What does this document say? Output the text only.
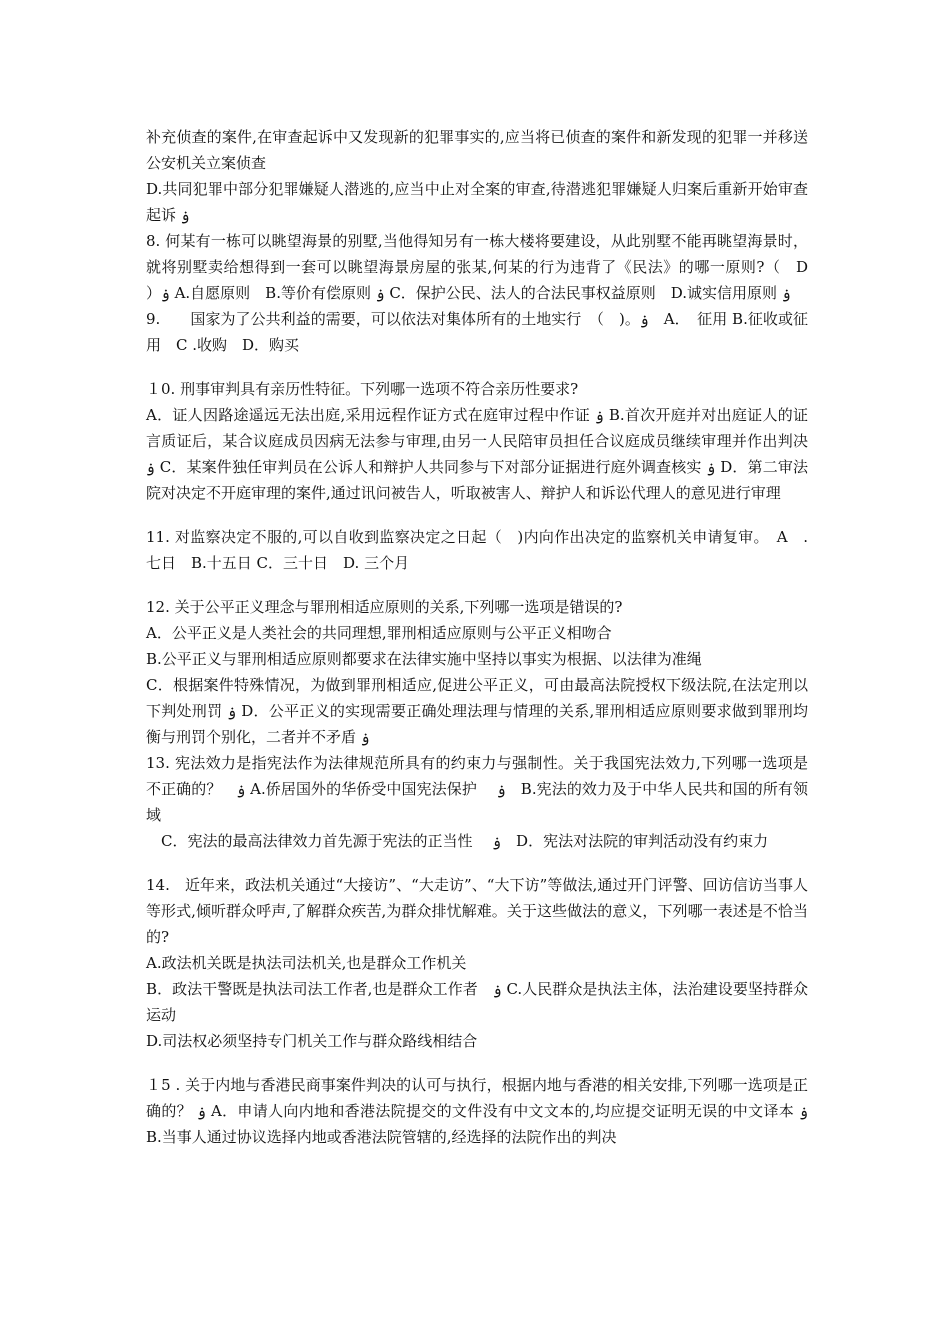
补充侦查的案件,在审查起诉中又发现新的犯罪事实的,应当将已侦查的案件和新发现的犯罪一并移送公安机关立案侦查

D.共同犯罪中部分犯罪嫌疑人潜逃的,应当中止对全案的审查,待潜逃犯罪嫌疑人归案后重新开始审查起诉 ۏ

8. 何某有一栋可以眺望海景的别墅,当他得知另有一栋大楼将要建设，从此别墅不能再眺望海景时，就将别墅卖给想得到一套可以眺望海景房屋的张某,何某的行为违背了《民法》的哪一原则?（　D　）ۏ A.自愿原则　B.等价有偿原则 ۏ C．保护公民、法人的合法民事权益原则　D.诚实信用原则 ۏ

9.　　国家为了公共利益的需要，可以依法对集体所有的土地实行　（　)。ۏ　A．　征用 B.征收或征用　C .收购　D．购买

１0. 刑事审判具有亲历性特征。下列哪一选项不符合亲历性要求?

A．证人因路途遥远无法出庭,采用远程作证方式在庭审过程中作证 ۏ B.首次开庭并对出庭证人的证言质证后，某合议庭成员因病无法参与审理,由另一人民陪审员担任合议庭成员继续审理并作出判决 ۏ C．某案件独任审判员在公诉人和辩护人共同参与下对部分证据进行庭外调查核实 ۏ D．第二审法院对决定不开庭审理的案件,通过讯问被告人，听取被害人、辩护人和诉讼代理人的意见进行审理

11. 对监察决定不服的,可以自收到监察决定之日起（　)内向作出决定的监察机关申请复审。　A　.七日　B.十五日 C．三十日　D. 三个月

12. 关于公平正义理念与罪刑相适应原则的关系,下列哪一选项是错误的?

A．公平正义是人类社会的共同理想,罪刑相适应原则与公平正义相吻合

B.公平正义与罪刑相适应原则都要求在法律实施中坚持以事实为根据、以法律为准绳

C．根据案件特殊情况，为做到罪刑相适应,促进公平正义，可由最高法院授权下级法院,在法定刑以下判处刑罚 ۏ D．公平正义的实现需要正确处理法理与情理的关系,罪刑相适应原则要求做到罪刑均衡与刑罚个别化，二者并不矛盾 ۏ

13. 宪法效力是指宪法作为法律规范所具有的约束力与强制性。关于我国宪法效力,下列哪一选项是不正确的？　ۏ A.侨居国外的华侨受中国宪法保护　 ۏ　B.宪法的效力及于中华人民共和国的所有领域

　C．宪法的最高法律效力首先源于宪法的正当性　 ۏ　D．宪法对法院的审判活动没有约束力

14.　近年来，政法机关通过“大接访”、“大走访”、“大下访”等做法,通过开门评警、回访信访当事人等形式,倾听群众呼声,了解群众疾苦,为群众排忧解难。关于这些做法的意义，下列哪一表述是不恰当的?

A.政法机关既是执法司法机关,也是群众工作机关

B．政法干警既是执法司法工作者,也是群众工作者　ۏ C.人民群众是执法主体，法治建设要坚持群众运动

D.司法权必须坚持专门机关工作与群众路线相结合

１5 . 关于内地与香港民商事案件判决的认可与执行，根据内地与香港的相关安排,下列哪一选项是正确的？ ۏ A．申请人向内地和香港法院提交的文件没有中文文本的,均应提交证明无误的中文译本 ۏ B.当事人通过协议选择内地或香港法院管辖的,经选择的法院作出的判决
